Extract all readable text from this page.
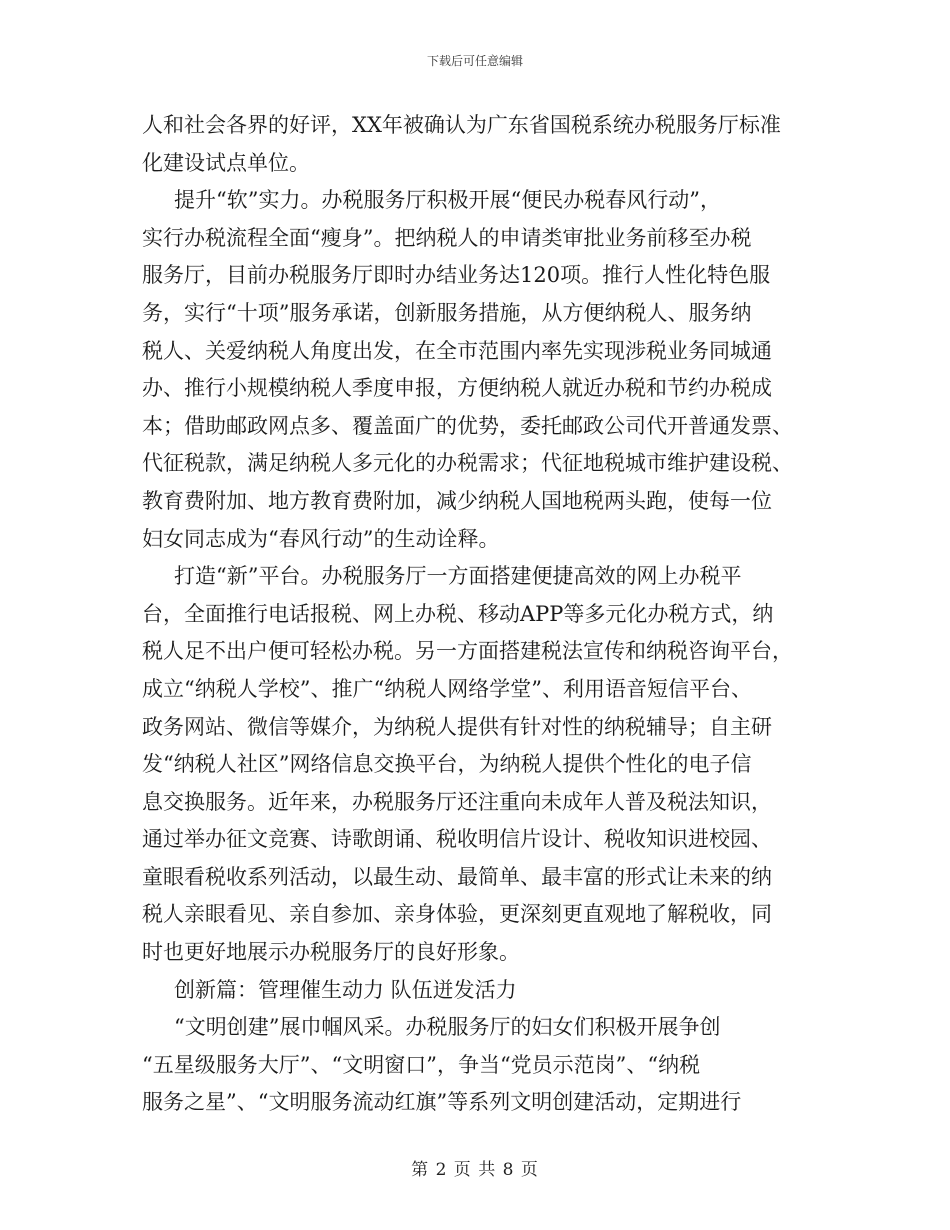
下载后可任意编辑
人和社会各界的好评，XX年被确认为广东省国税系统办税服务厅标准
化建设试点单位。
提升“软”实力。办税服务厅积极开展“便民办税春风行动”，
实行办税流程全面“瘦身”。把纳税人的申请类审批业务前移至办税
服务厅，目前办税服务厅即时办结业务达120项。推行人性化特色服
务，实行“十项”服务承诺，创新服务措施，从方便纳税人、服务纳
税人、关爱纳税人角度出发，在全市范围内率先实现涉税业务同城通
办、推行小规模纳税人季度申报，方便纳税人就近办税和节约办税成
本；借助邮政网点多、覆盖面广的优势，委托邮政公司代开普通发票、
代征税款，满足纳税人多元化的办税需求；代征地税城市维护建设税、
教育费附加、地方教育费附加，减少纳税人国地税两头跑，使每一位
妇女同志成为“春风行动”的生动诠释。
打造“新”平台。办税服务厅一方面搭建便捷高效的网上办税平
台，全面推行电话报税、网上办税、移动APP等多元化办税方式，纳
税人足不出户便可轻松办税。另一方面搭建税法宣传和纳税咨询平台，
成立“纳税人学校”、推广“纳税人网络学堂”、利用语音短信平台、
政务网站、微信等媒介，为纳税人提供有针对性的纳税辅导；自主研
发“纳税人社区”网络信息交换平台，为纳税人提供个性化的电子信
息交换服务。近年来，办税服务厅还注重向未成年人普及税法知识，
通过举办征文竞赛、诗歌朗诵、税收明信片设计、税收知识进校园、
童眼看税收系列活动，以最生动、最简单、最丰富的形式让未来的纳
税人亲眼看见、亲自参加、亲身体验，更深刻更直观地了解税收，同
时也更好地展示办税服务厅的良好形象。
创新篇：管理催生动力 队伍迸发活力
“文明创建”展巾帼风采。办税服务厅的妇女们积极开展争创
“五星级服务大厅”、“文明窗口”，争当“党员示范岗”、“纳税
服务之星”、“文明服务流动红旗”等系列文明创建活动，定期进行
第 2 页 共 8 页
